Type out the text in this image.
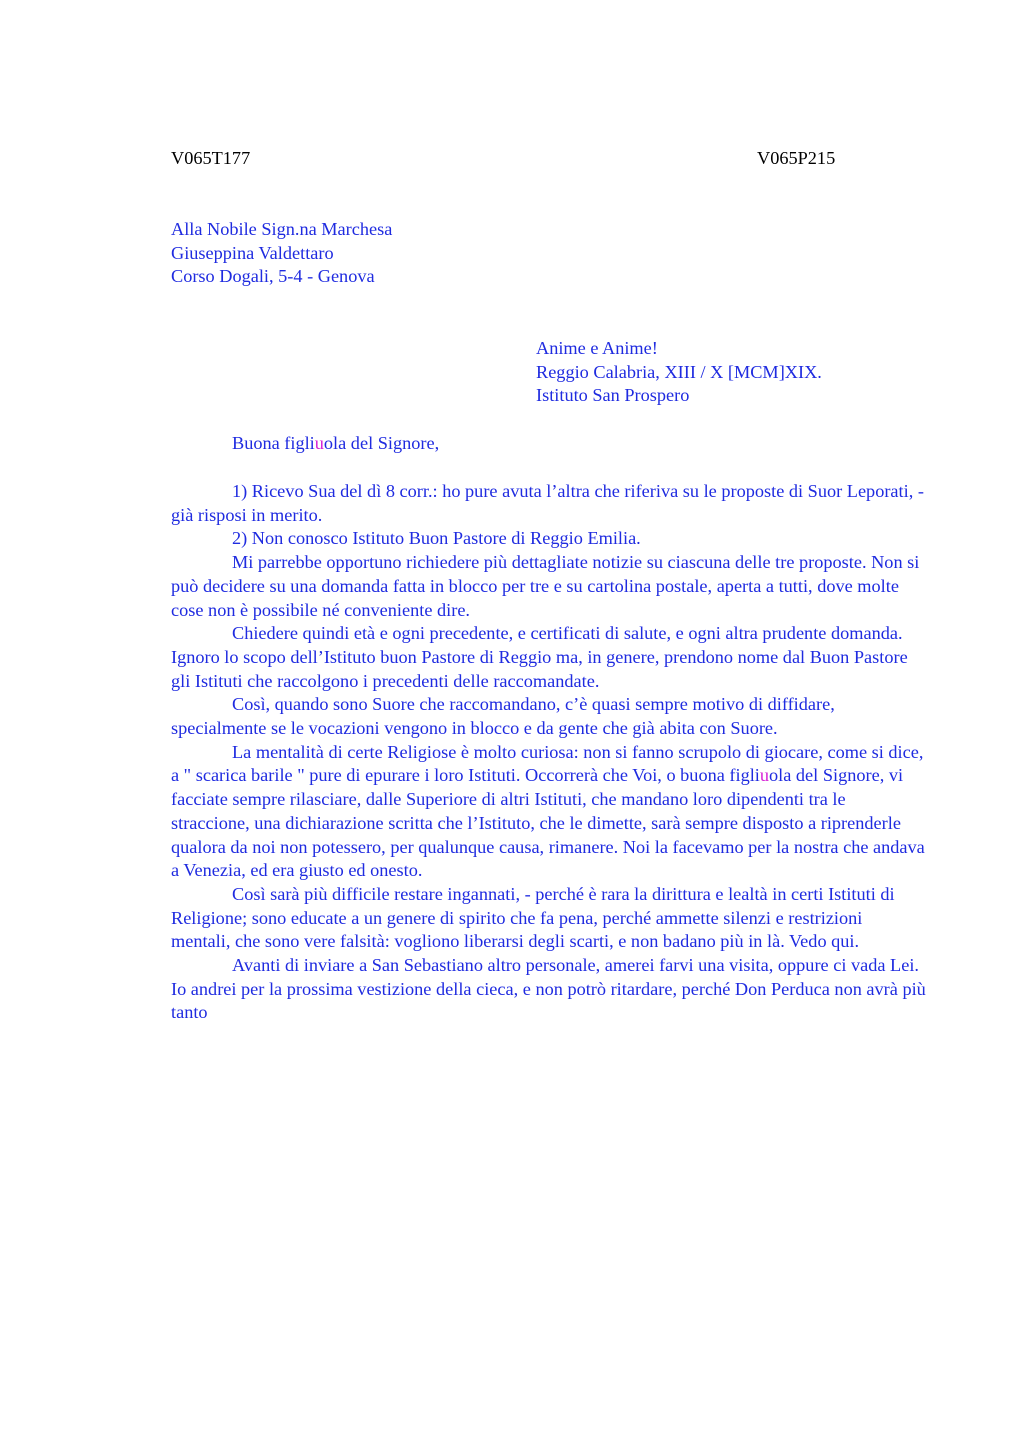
V065T177	V065P215
Alla Nobile Sign.na Marchesa
Giuseppina Valdettaro
Corso Dogali, 5-4 - Genova
Anime e Anime!
Reggio Calabria, XIII / X [MCM]XIX.
Istituto San Prospero
Buona figliuola del Signore,

1) Ricevo Sua del dì 8 corr.: ho pure avuta l’altra che riferiva su le proposte di Suor Leporati, - già risposi in merito.

2) Non conosco Istituto Buon Pastore di Reggio Emilia.

Mi parrebbe opportuno richiedere più dettagliate notizie su ciascuna delle tre proposte. Non si può decidere su una domanda fatta in blocco per tre e su cartolina postale, aperta a tutti, dove molte cose non è possibile né conveniente dire.

Chiedere quindi età e ogni precedente, e certificati di salute, e ogni altra prudente domanda. Ignoro lo scopo dell’Istituto buon Pastore di Reggio ma, in genere, prendono nome dal Buon Pastore gli Istituti che raccolgono i precedenti delle raccomandate.

Così, quando sono Suore che raccomandano, c’è quasi sempre motivo di diffidare, specialmente se le vocazioni vengono in blocco e da gente che già abita con Suore.

La mentalità di certe Religiose è molto curiosa: non si fanno scrupolo di giocare, come si dice, a " scarica barile " pure di epurare i loro Istituti. Occorrerà che Voi, o buona figliuola del Signore, vi facciate sempre rilasciare, dalle Superiore di altri Istituti, che mandano loro dipendenti tra le straccione, una dichiarazione scritta che l’Istituto, che le dimette, sarà sempre disposto a riprenderle qualora da noi non potessero, per qualunque causa, rimanere. Noi la facevamo per la nostra che andava a Venezia, ed era giusto ed onesto.

Così sarà più difficile restare ingannati, - perché è rara la dirittura e lealtà in certi Istituti di Religione; sono educate a un genere di spirito che fa pena, perché ammette silenzi e restrizioni mentali, che sono vere falsità: vogliono liberarsi degli scarti, e non badano più in là. Vedo qui.

Avanti di inviare a San Sebastiano altro personale, amerei farvi una visita, oppure ci vada Lei. Io andrei per la prossima vestizione della cieca, e non potrò ritardare, perché Don Perduca non avrà più tanto
